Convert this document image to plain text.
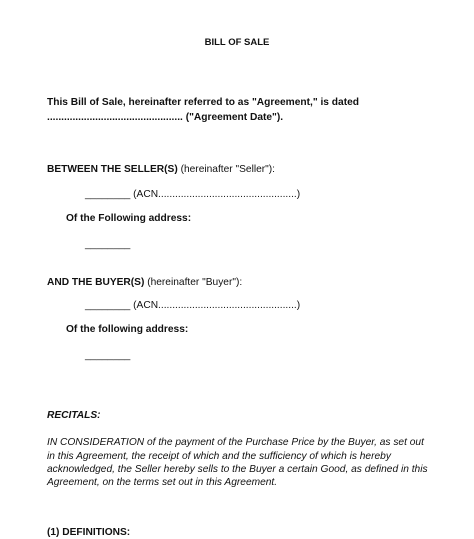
BILL OF SALE
This Bill of Sale, hereinafter referred to as "Agreement," is dated
................................................ ("Agreement Date").
BETWEEN THE SELLER(S) (hereinafter "Seller"):
________ (ACN.................................................)
Of the Following address:
________
AND THE BUYER(S) (hereinafter "Buyer"):
________ (ACN.................................................)
Of the following address:
________
RECITALS:
IN CONSIDERATION of the payment of the Purchase Price by the Buyer, as set out
in this Agreement, the receipt of which and the sufficiency of which is hereby
acknowledged, the Seller hereby sells to the Buyer a certain Good, as defined in this
Agreement, on the terms set out in this Agreement.
(1) DEFINITIONS:
